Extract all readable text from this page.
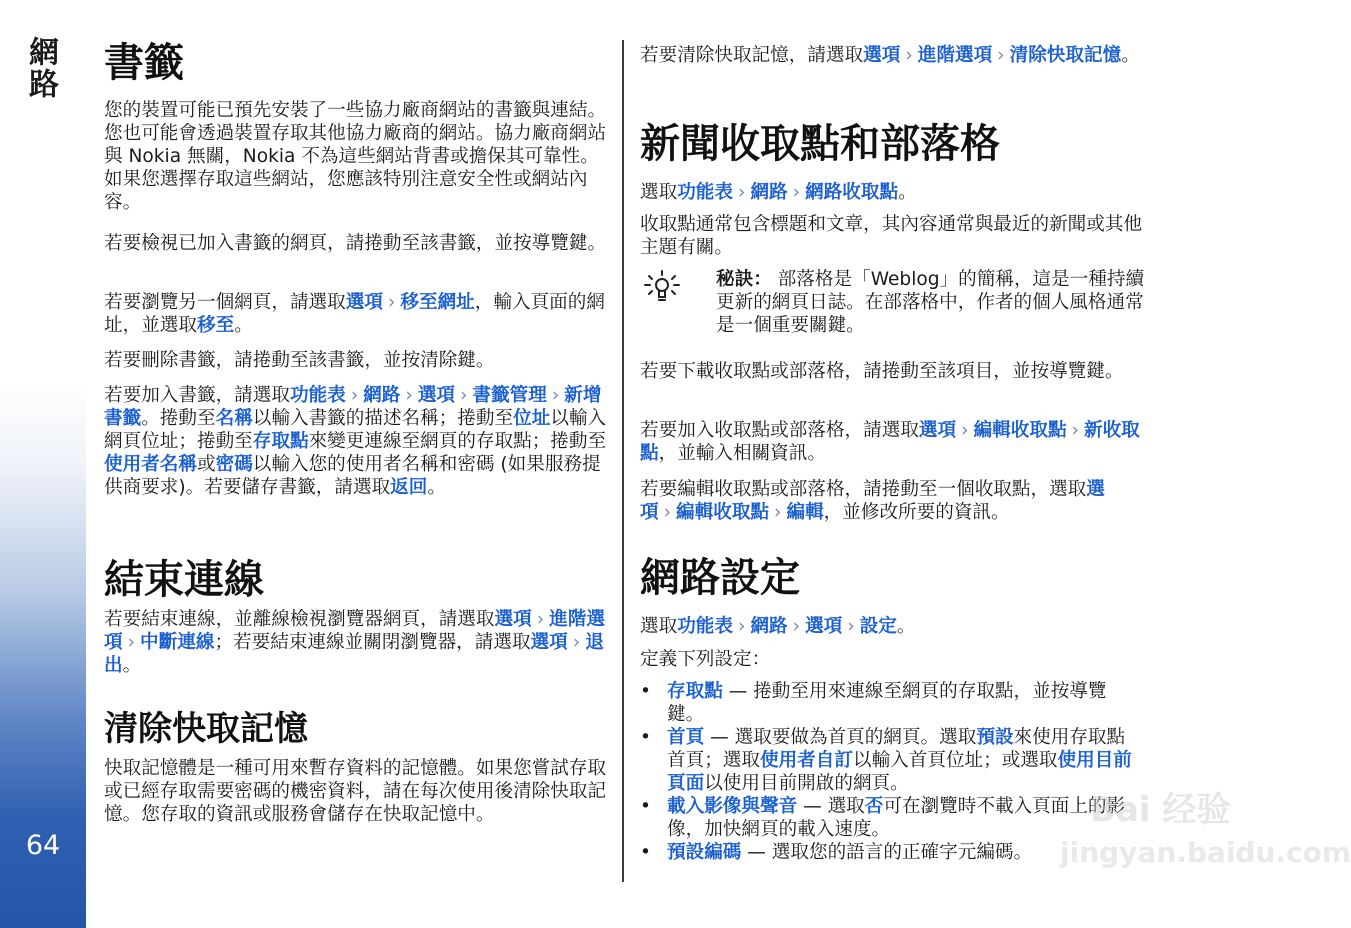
網路
64
書籤

您的裝置可能已預先安裝了一些協力廠商網站的書籤與連結。您也可能會透過裝置存取其他協力廠商的網站。協力廠商網站與 Nokia 無關，Nokia 不為這些網站背書或擔保其可靠性。如果您選擇存取這些網站，您應該特別注意安全性或網站內容。

若要檢視已加入書籤的網頁，請捲動至該書籤，並按導覽鍵。

若要瀏覽另一個網頁，請選取選項 › 移至網址，輸入頁面的網址，並選取移至。

若要刪除書籤，請捲動至該書籤，並按清除鍵。

若要加入書籤，請選取功能表 › 網路 › 選項 › 書籤管理 › 新增書籤。捲動至名稱以輸入書籤的描述名稱；捲動至位址以輸入網頁位址；捲動至存取點來變更連線至網頁的存取點；捲動至使用者名稱或密碼以輸入您的使用者名稱和密碼 (如果服務提供商要求)。若要儲存書籤，請選取返回。

結束連線

若要結束連線，並離線檢視瀏覽器網頁，請選取選項 › 進階選項 › 中斷連線；若要結束連線並關閉瀏覽器，請選取選項 › 退出。

清除快取記憶

快取記憶體是一種可用來暫存資料的記憶體。如果您嘗試存取或已經存取需要密碼的機密資料，請在每次使用後清除快取記憶。您存取的資訊或服務會儲存在快取記憶中。

若要清除快取記憶，請選取選項 › 進階選項 › 清除快取記憶。

新聞收取點和部落格

選取功能表 › 網路 › 網路收取點。

收取點通常包含標題和文章，其內容通常與最近的新聞或其他主題有關。

秘訣： 部落格是「Weblog」的簡稱，這是一種持續更新的網頁日誌。在部落格中，作者的個人風格通常是一個重要關鍵。

若要下載收取點或部落格，請捲動至該項目，並按導覽鍵。

若要加入收取點或部落格，請選取選項 › 編輯收取點 › 新收取點，並輸入相關資訊。

若要編輯收取點或部落格，請捲動至一個收取點，選取選項 › 編輯收取點 › 編輯，並修改所要的資訊。

網路設定

選取功能表 › 網路 › 選項 › 設定。

定義下列設定：

• 存取點 — 捲動至用來連線至網頁的存取點，並按導覽鍵。
• 首頁 — 選取要做為首頁的網頁。選取預設來使用存取點首頁；選取使用者自訂以輸入首頁位址；或選取使用目前頁面以使用目前開啟的網頁。
• 載入影像與聲音 — 選取否可在瀏覽時不載入頁面上的影像，加快網頁的載入速度。
• 預設編碼 — 選取您的語言的正確字元編碼。
Bai 经验
jingyan.baidu.com
